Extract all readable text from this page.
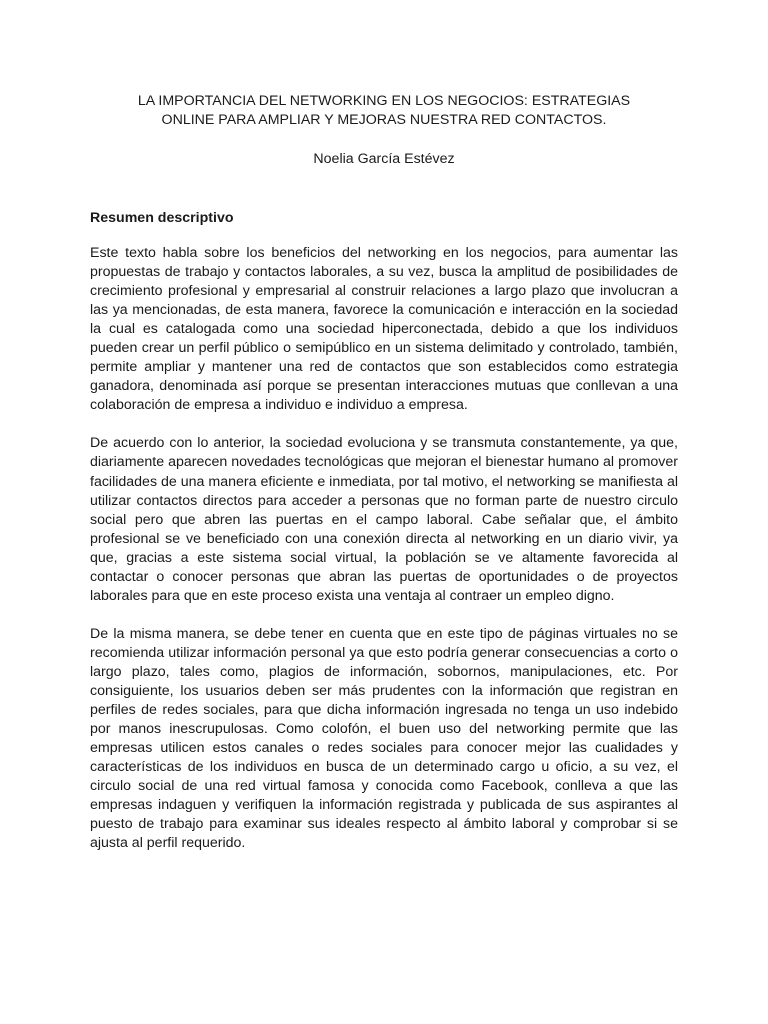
LA IMPORTANCIA DEL NETWORKING EN LOS NEGOCIOS: ESTRATEGIAS
ONLINE PARA AMPLIAR Y MEJORAS NUESTRA RED CONTACTOS.

Noelia García Estévez

Resumen descriptivo

Este texto habla sobre los beneficios del networking en los negocios, para aumentar las propuestas de trabajo y contactos laborales, a su vez, busca la amplitud de posibilidades de crecimiento profesional y empresarial al construir relaciones a largo plazo que involucran a las ya mencionadas, de esta manera, favorece la comunicación e interacción en la sociedad la cual es catalogada como una sociedad hiperconectada, debido a que los individuos pueden crear un perfil público o semipúblico en un sistema delimitado y controlado, también, permite ampliar y mantener una red de contactos que son establecidos como estrategia ganadora, denominada así porque se presentan interacciones mutuas que conllevan a una colaboración de empresa a individuo e individuo a empresa.

De acuerdo con lo anterior, la sociedad evoluciona y se transmuta constantemente, ya que, diariamente aparecen novedades tecnológicas que mejoran el bienestar humano al promover facilidades de una manera eficiente e inmediata, por tal motivo, el networking se manifiesta al utilizar contactos directos para acceder a personas que no forman parte de nuestro circulo social pero que abren las puertas en el campo laboral. Cabe señalar que, el ámbito profesional se ve beneficiado con una conexión directa al networking en un diario vivir, ya que, gracias a este sistema social virtual, la población se ve altamente favorecida al contactar o conocer personas que abran las puertas de oportunidades o de proyectos laborales para que en este proceso exista una ventaja al contraer un empleo digno.

De la misma manera, se debe tener en cuenta que en este tipo de páginas virtuales no se recomienda utilizar información personal ya que esto podría generar consecuencias a corto o largo plazo, tales como, plagios de información, sobornos, manipulaciones, etc. Por consiguiente, los usuarios deben ser más prudentes con la información que registran en perfiles de redes sociales, para que dicha información ingresada no tenga un uso indebido por manos inescrupulosas. Como colofón, el buen uso del networking permite que las empresas utilicen estos canales o redes sociales para conocer mejor las cualidades y características de los individuos en busca de un determinado cargo u oficio, a su vez, el circulo social de una red virtual famosa y conocida como Facebook, conlleva a que las empresas indaguen y verifiquen la información registrada y publicada de sus aspirantes al puesto de trabajo para examinar sus ideales respecto al ámbito laboral y comprobar si se ajusta al perfil requerido.
